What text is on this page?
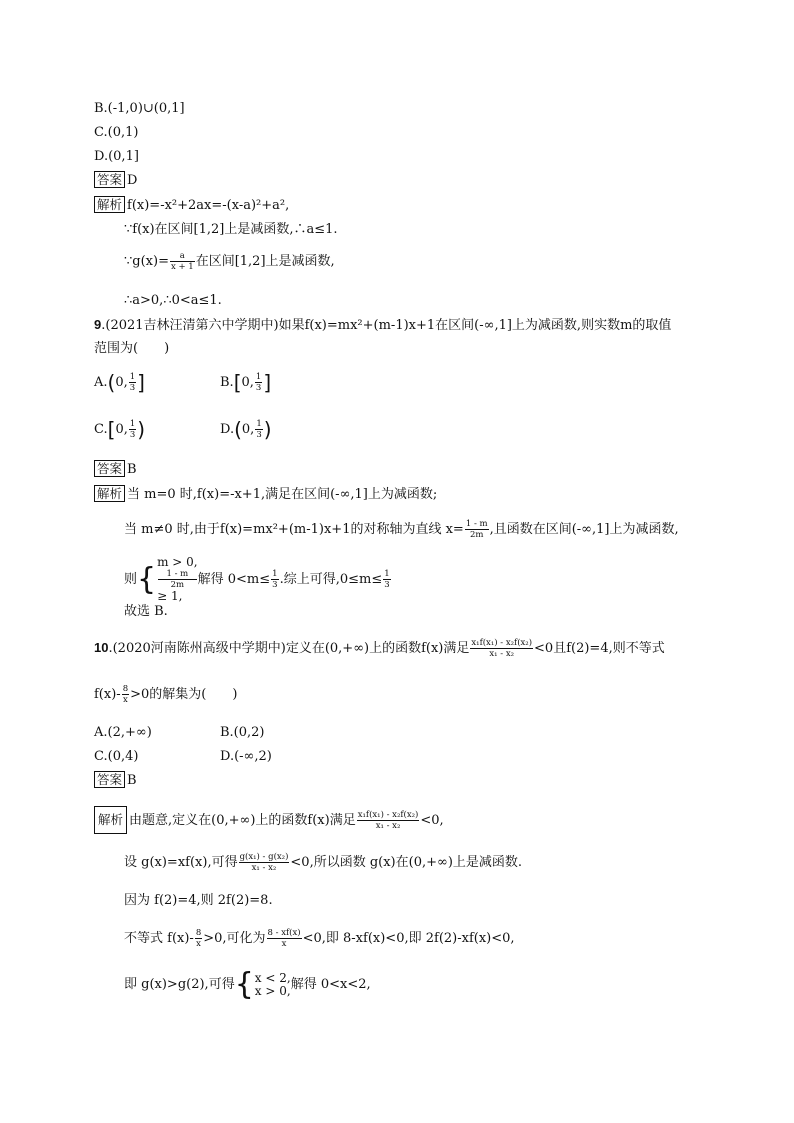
B.(-1,0)∪(0,1]
C.(0,1)
D.(0,1]
答案 D
解析 f(x)=-x²+2ax=-(x-a)²+a²,
∵f(x)在区间[1,2]上是减函数,∴a≤1.
∵g(x)= $\frac{a}{x + 1}$ 在区间[1,2]上是减函数,
∴a>0,∴0<a≤1.
9.(2021吉林汪清第六中学期中)如果f(x)=mx²+(m-1)x+1在区间(-∞,1]上为减函数,则实数m的取值
范围为(　　)
A.(0, $\frac{1}{3}$ ]	B.[0, $\frac{1}{3}$ ]
C.[0, $\frac{1}{3}$ )	D.(0, $\frac{1}{3}$ )
答案 B
解析 当 m=0 时,f(x)=-x+1,满足在区间(-∞,1]上为减函数;
当 m≠0 时,由于f(x)=mx²+(m-1)x+1的对称轴为直线 $x= \frac{1 - m}{2m}$ ,且函数在区间(-∞,1]上为减函数,
则{ m > 0,
1 - m
2m
≥ 1,
解得 $0<m\le \frac{1}{3}$ .综上可得$,0\le m\le \frac{1}{3}$
故选 B.
10.(2020河南陈州高级中学期中)定义在(0,+∞)上的函数f(x)满足 $\frac{\text{x₁f(x₁) - x₂f(x₂)}}{\text{x₁ - x₂}} <0$且f(2)=4,则不等式
$f(x)- \frac{8}{x} >0$的解集为(　　)
A.(2,+∞)	B.(0,2)
C.(0,4)	D.(-∞,2)
答案 B
解析 由题意,定义在(0,+∞)上的函数f(x)满足 $\frac{\text{x₁f(x₁) - x₂f(x₂)}}{\text{x₁ - x₂}} <0$,
设 g(x)=xf(x),可得 $\frac{\text{g(x₁) - g(x₂)}}{\text{x₁ - x₂}} <0$,所以函数 g(x)在(0,+∞)上是减函数.
因为 f(2)=4,则 2f(2)=8.
不等式 $f(x)- \frac{8}{x} >0$,可化为 $\frac{8 - xf(x)}{x} <0$,即 8-xf(x)<0,即 2f(2)-xf(x)<0,
即 g(x)>g(2),可得{ x < 2,
x > 0, 解得 0<x<2,
